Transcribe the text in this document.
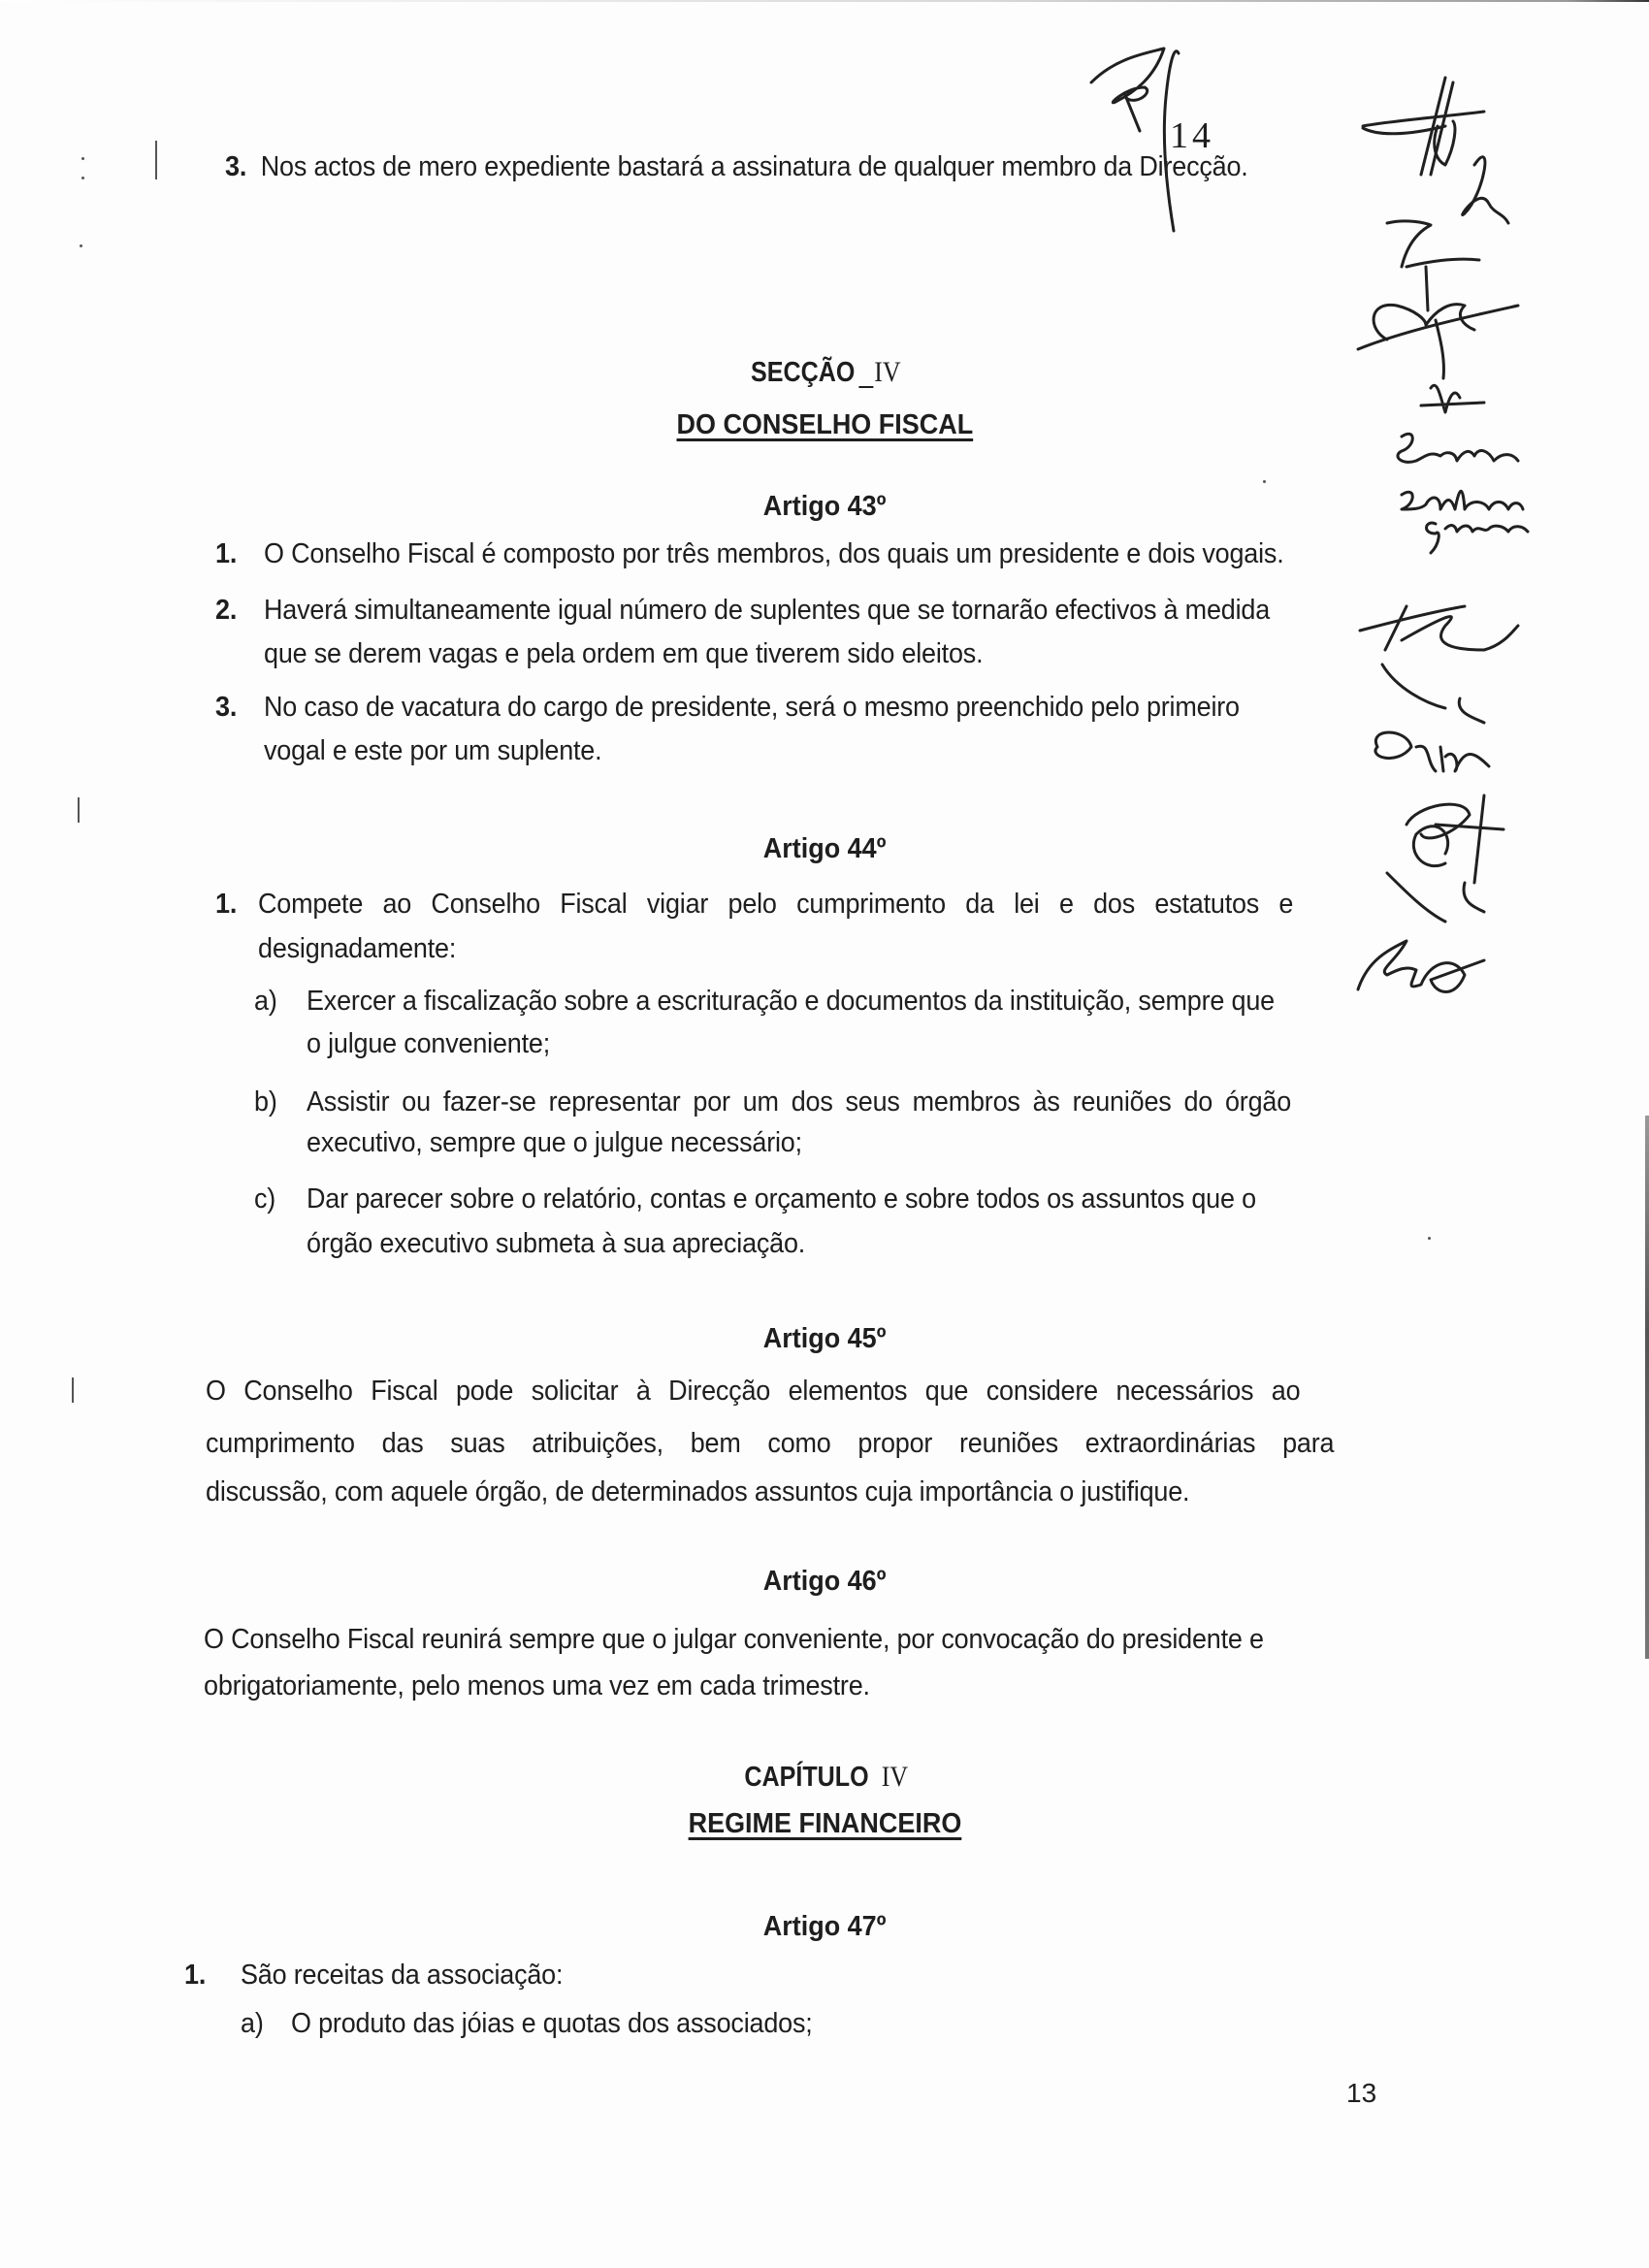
14
3. Nos actos de mero expediente bastará a assinatura de qualquer membro da Direcção.
SECÇÃO IV
DO CONSELHO FISCAL
Artigo 43º
1. O Conselho Fiscal é composto por três membros, dos quais um presidente e dois vogais.
2. Haverá simultaneamente igual número de suplentes que se tornarão efectivos à medida
que se derem vagas e pela ordem em que tiverem sido eleitos.
3. No caso de vacatura do cargo de presidente, será o mesmo preenchido pelo primeiro
vogal e este por um suplente.
Artigo 44º
1. Compete ao Conselho Fiscal vigiar pelo cumprimento da lei e dos estatutos e
designadamente:
a) Exercer a fiscalização sobre a escrituração e documentos da instituição, sempre que
o julgue conveniente;
b) Assistir ou fazer-se representar por um dos seus membros às reuniões do órgão
executivo, sempre que o julgue necessário;
c) Dar parecer sobre o relatório, contas e orçamento e sobre todos os assuntos que o
órgão executivo submeta à sua apreciação.
Artigo 45º
O Conselho Fiscal pode solicitar à Direcção elementos que considere necessários ao
cumprimento das suas atribuições, bem como propor reuniões extraordinárias para
discussão, com aquele órgão, de determinados assuntos cuja importância o justifique.
Artigo 46º
O Conselho Fiscal reunirá sempre que o julgar conveniente, por convocação do presidente e
obrigatoriamente, pelo menos uma vez em cada trimestre.
CAPÍTULO IV
REGIME FINANCEIRO
Artigo 47º
1. São receitas da associação:
a) O produto das jóias e quotas dos associados;
13
